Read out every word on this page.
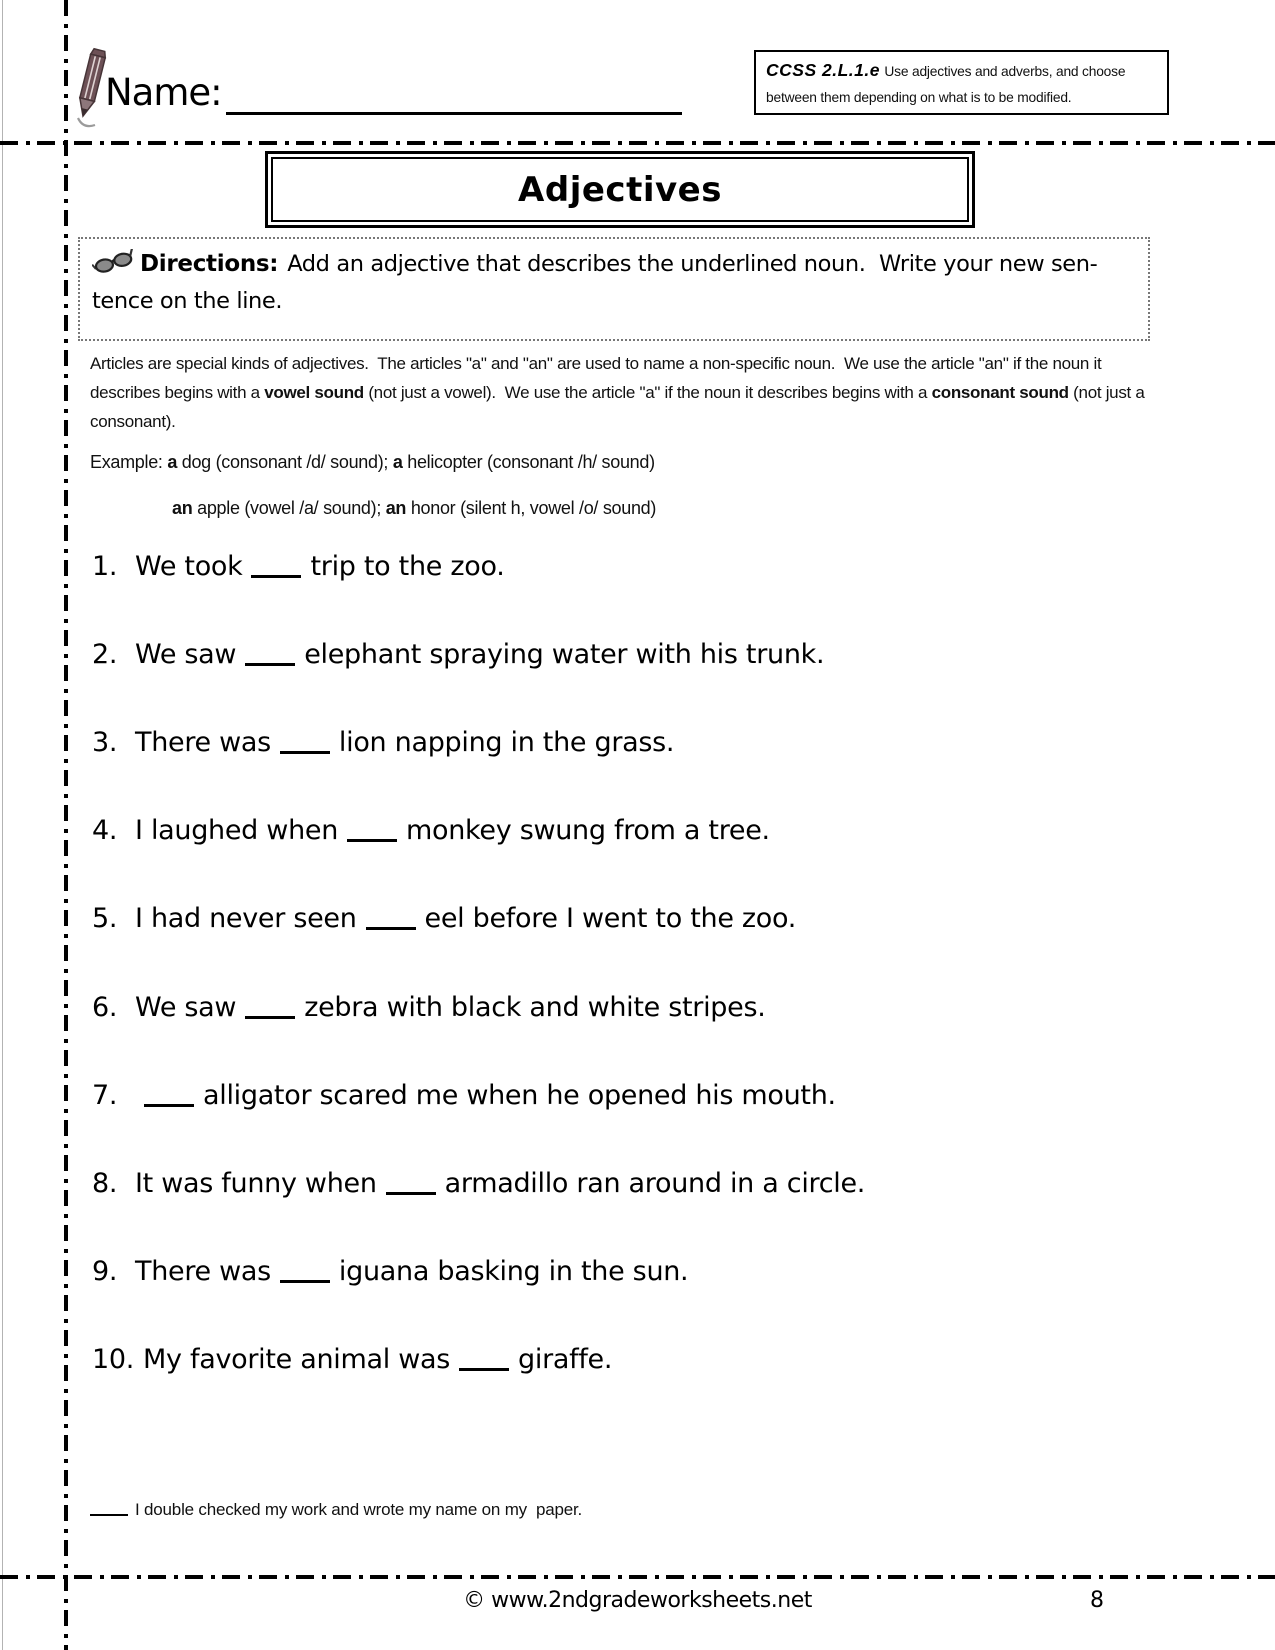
Name:
CCSS 2.L.1.e Use adjectives and adverbs, and choose
between them depending on what is to be modified.
Adjectives
Directions: Add an adjective that describes the underlined noun.  Write your new sen-
tence on the line.

Articles are special kinds of adjectives.  The articles "a" and "an" are used to name a non-specific noun.  We use the article "an" if the noun it describes begins with a vowel sound (not just a vowel).  We use the article "a" if the noun it describes begins with a consonant sound (not just a consonant).

Example: a dog (consonant /d/ sound); a helicopter (consonant /h/ sound)
an apple (vowel /a/ sound); an honor (silent h, vowel /o/ sound)
1. We took	trip to the zoo.
2. We saw	elephant spraying water with his trunk.
3. There was	lion napping in the grass.
4. I laughed when	monkey swung from a tree.
5. I had never seen	eel before I went to the zoo.
6. We saw	zebra with black and white stripes.
7.	alligator scared me when he opened his mouth.
8. It was funny when	armadillo ran around in a circle.
9. There was	iguana basking in the sun.
10. My favorite animal was	giraffe.
I double checked my work and wrote my name on my  paper.
© www.2ndgradeworksheets.net	8
